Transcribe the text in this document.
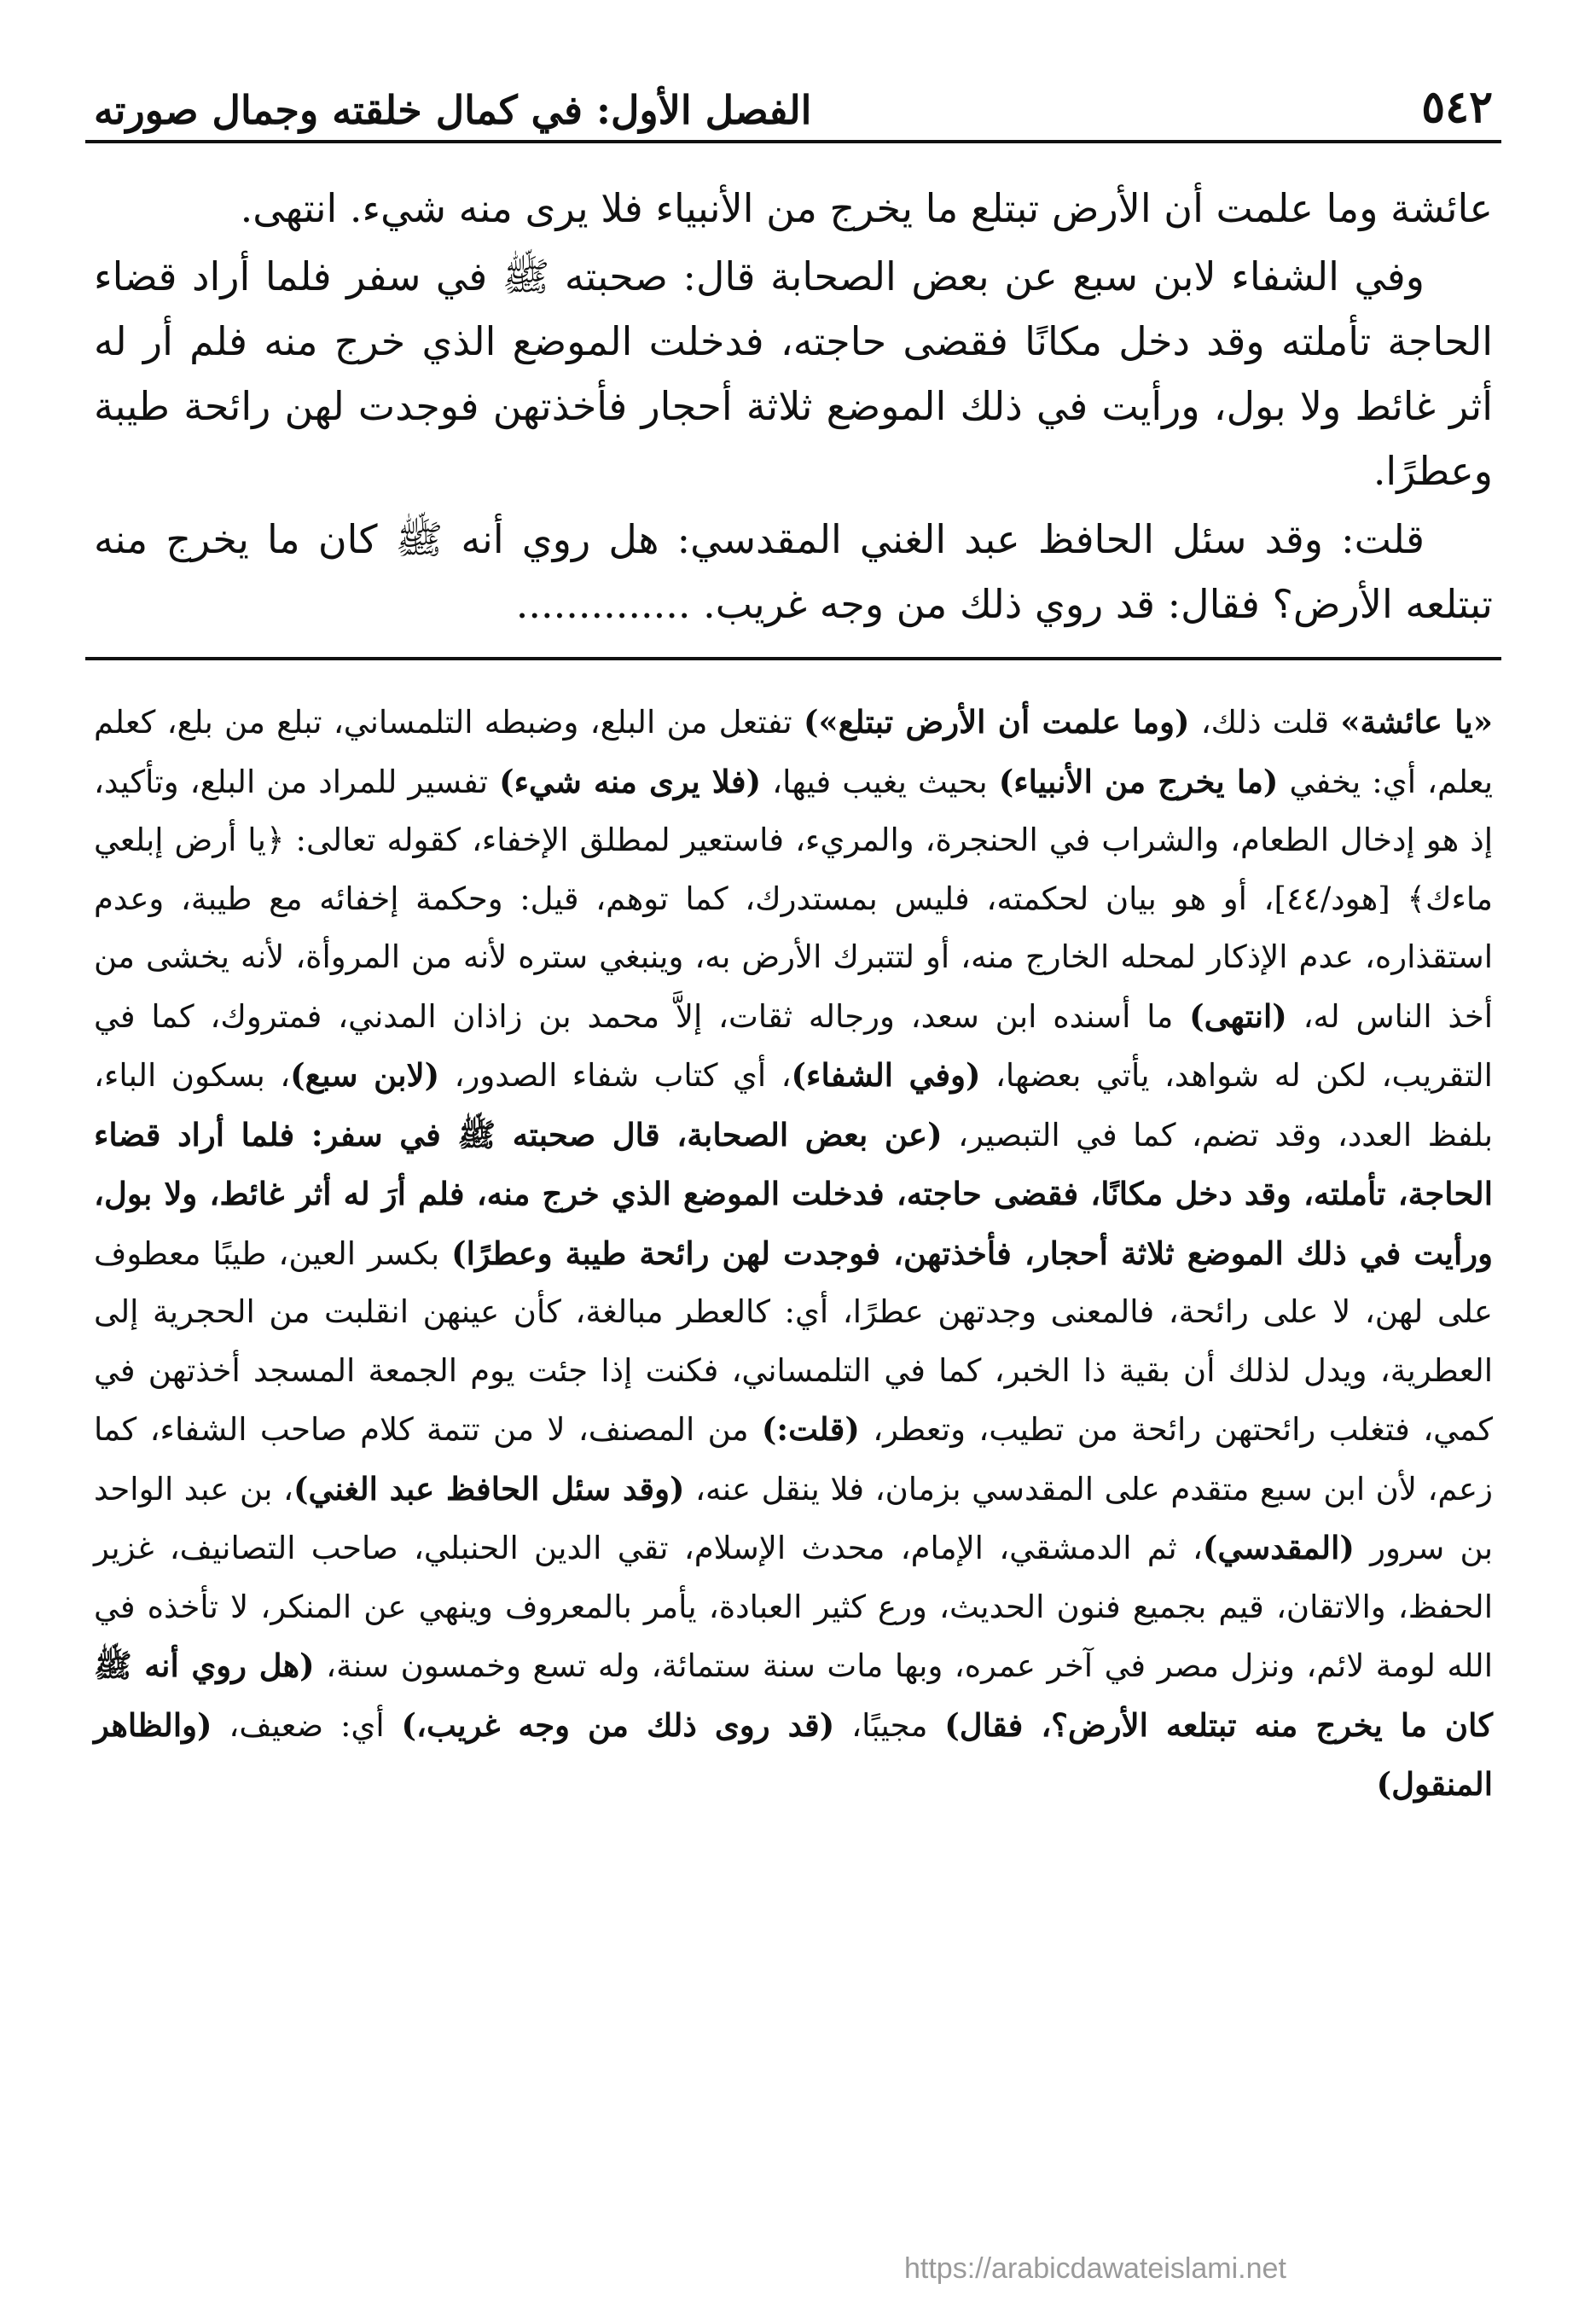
٥٤٢
الفصل الأول: في كمال خلقته وجمال صورته

عائشة وما علمت أن الأرض تبتلع ما يخرج من الأنبياء فلا يرى منه شيء. انتهى.

وفي الشفاء لابن سبع عن بعض الصحابة قال: صحبته ﷺ في سفر فلما أراد قضاء الحاجة تأملته وقد دخل مكانًا فقضى حاجته، فدخلت الموضع الذي خرج منه فلم أر له أثر غائط ولا بول، ورأيت في ذلك الموضع ثلاثة أحجار فأخذتهن فوجدت لهن رائحة طيبة وعطرًا.

قلت: وقد سئل الحافظ عبد الغني المقدسي: هل روي أنه ﷺ كان ما يخرج منه تبتلعه الأرض؟ فقال: قد روي ذلك من وجه غريب. ..............

«يا عائشة» قلت ذلك، (وما علمت أن الأرض تبتلع») تفتعل من البلع، وضبطه التلمساني، تبلع من بلع، كعلم يعلم، أي: يخفي (ما يخرج من الأنبياء) بحيث يغيب فيها، (فلا يرى منه شيء) تفسير للمراد من البلع، وتأكيد، إذ هو إدخال الطعام، والشراب في الحنجرة، والمريء، فاستعير لمطلق الإخفاء، كقوله تعالى: ﴿يا أرض إبلعي ماءك﴾ [هود/٤٤]، أو هو بيان لحكمته، فليس بمستدرك، كما توهم، قيل: وحكمة إخفائه مع طيبة، وعدم استقذاره، عدم الإذكار لمحله الخارج منه، أو لتتبرك الأرض به، وينبغي ستره لأنه من المروأة، لأنه يخشى من أخذ الناس له، (انتهى) ما أسنده ابن سعد، ورجاله ثقات، إلاَّ محمد بن زاذان المدني، فمتروك، كما في التقريب، لكن له شواهد، يأتي بعضها، (وفي الشفاء)، أي كتاب شفاء الصدور، (لابن سبع)، بسكون الباء، بلفظ العدد، وقد تضم، كما في التبصير، (عن بعض الصحابة، قال صحبته ﷺ في سفر: فلما أراد قضاء الحاجة، تأملته، وقد دخل مكانًا، فقضى حاجته، فدخلت الموضع الذي خرج منه، فلم أرَ له أثر غائط، ولا بول، ورأيت في ذلك الموضع ثلاثة أحجار، فأخذتهن، فوجدت لهن رائحة طيبة وعطرًا) بكسر العين، طيبًا معطوف على لهن، لا على رائحة، فالمعنى وجدتهن عطرًا، أي: كالعطر مبالغة، كأن عينهن انقلبت من الحجرية إلى العطرية، ويدل لذلك أن بقية ذا الخبر، كما في التلمساني، فكنت إذا جئت يوم الجمعة المسجد أخذتهن في كمي، فتغلب رائحتهن رائحة من تطيب، وتعطر، (قلت:) من المصنف، لا من تتمة كلام صاحب الشفاء، كما زعم، لأن ابن سبع متقدم على المقدسي بزمان، فلا ينقل عنه، (وقد سئل الحافظ عبد الغني)، بن عبد الواحد بن سرور (المقدسي)، ثم الدمشقي، الإمام، محدث الإسلام، تقي الدين الحنبلي، صاحب التصانيف، غزير الحفظ، والاتقان، قيم بجميع فنون الحديث، ورع كثير العبادة، يأمر بالمعروف وينهي عن المنكر، لا تأخذه في الله لومة لائم، ونزل مصر في آخر عمره، وبها مات سنة ستمائة، وله تسع وخمسون سنة، (هل روي أنه ﷺ كان ما يخرج منه تبتلعه الأرض؟، فقال) مجيبًا، (قد روى ذلك من وجه غريب،) أي: ضعيف، (والظاهر المنقول)
https://arabicdawateislami.net
